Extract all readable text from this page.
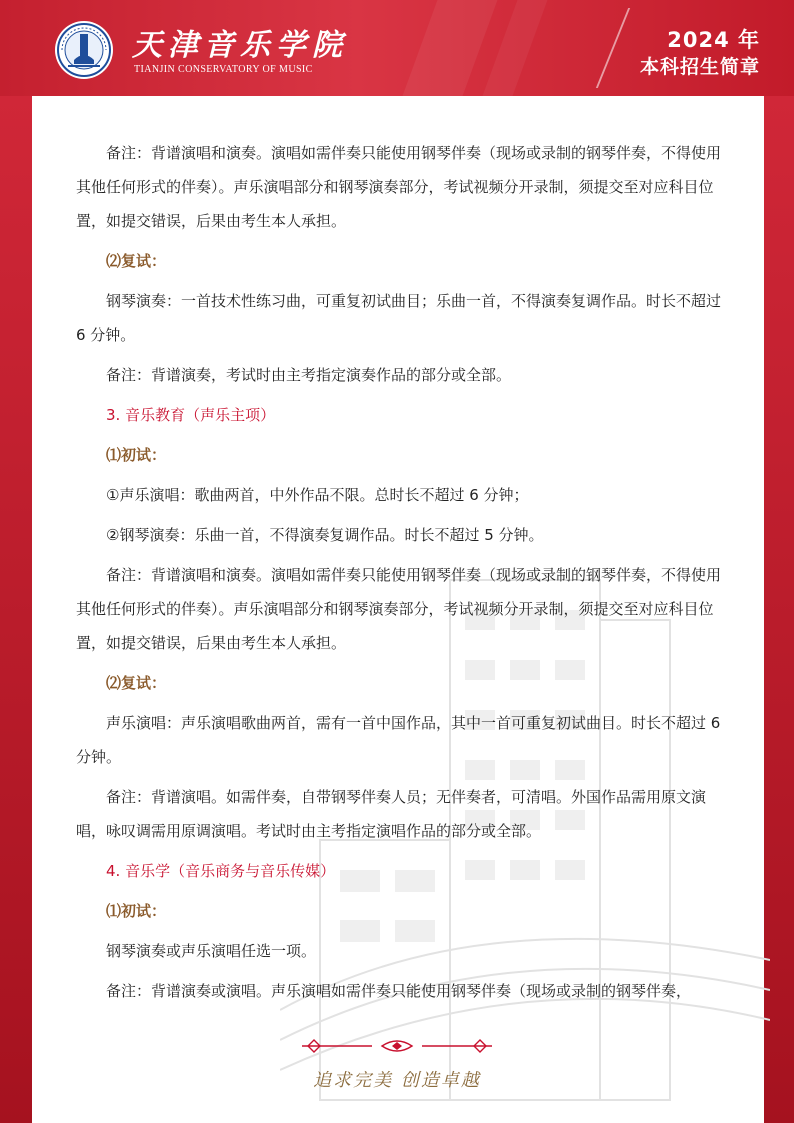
天津音乐学院
TIANJIN CONSERVATORY OF MUSIC
2024 年
本科招生简章

备注：背谱演唱和演奏。演唱如需伴奏只能使用钢琴伴奏（现场或录制的钢琴伴奏，不得使用其他任何形式的伴奏）。声乐演唱部分和钢琴演奏部分，考试视频分开录制，须提交至对应科目位置，如提交错误，后果由考生本人承担。

⑵复试：

钢琴演奏：一首技术性练习曲，可重复初试曲目；乐曲一首，不得演奏复调作品。时长不超过 6 分钟。

备注：背谱演奏，考试时由主考指定演奏作品的部分或全部。

3. 音乐教育（声乐主项）

⑴初试：

①声乐演唱：歌曲两首，中外作品不限。总时长不超过 6 分钟；

②钢琴演奏：乐曲一首，不得演奏复调作品。时长不超过 5 分钟。

备注：背谱演唱和演奏。演唱如需伴奏只能使用钢琴伴奏（现场或录制的钢琴伴奏，不得使用其他任何形式的伴奏）。声乐演唱部分和钢琴演奏部分，考试视频分开录制，须提交至对应科目位置，如提交错误，后果由考生本人承担。

⑵复试：

声乐演唱：声乐演唱歌曲两首，需有一首中国作品，其中一首可重复初试曲目。时长不超过 6 分钟。

备注：背谱演唱。如需伴奏，自带钢琴伴奏人员；无伴奏者，可清唱。外国作品需用原文演唱，咏叹调需用原调演唱。考试时由主考指定演唱作品的部分或全部。

4. 音乐学（音乐商务与音乐传媒）

⑴初试：

钢琴演奏或声乐演唱任选一项。

备注：背谱演奏或演唱。声乐演唱如需伴奏只能使用钢琴伴奏（现场或录制的钢琴伴奏，

追求完美 创造卓越
